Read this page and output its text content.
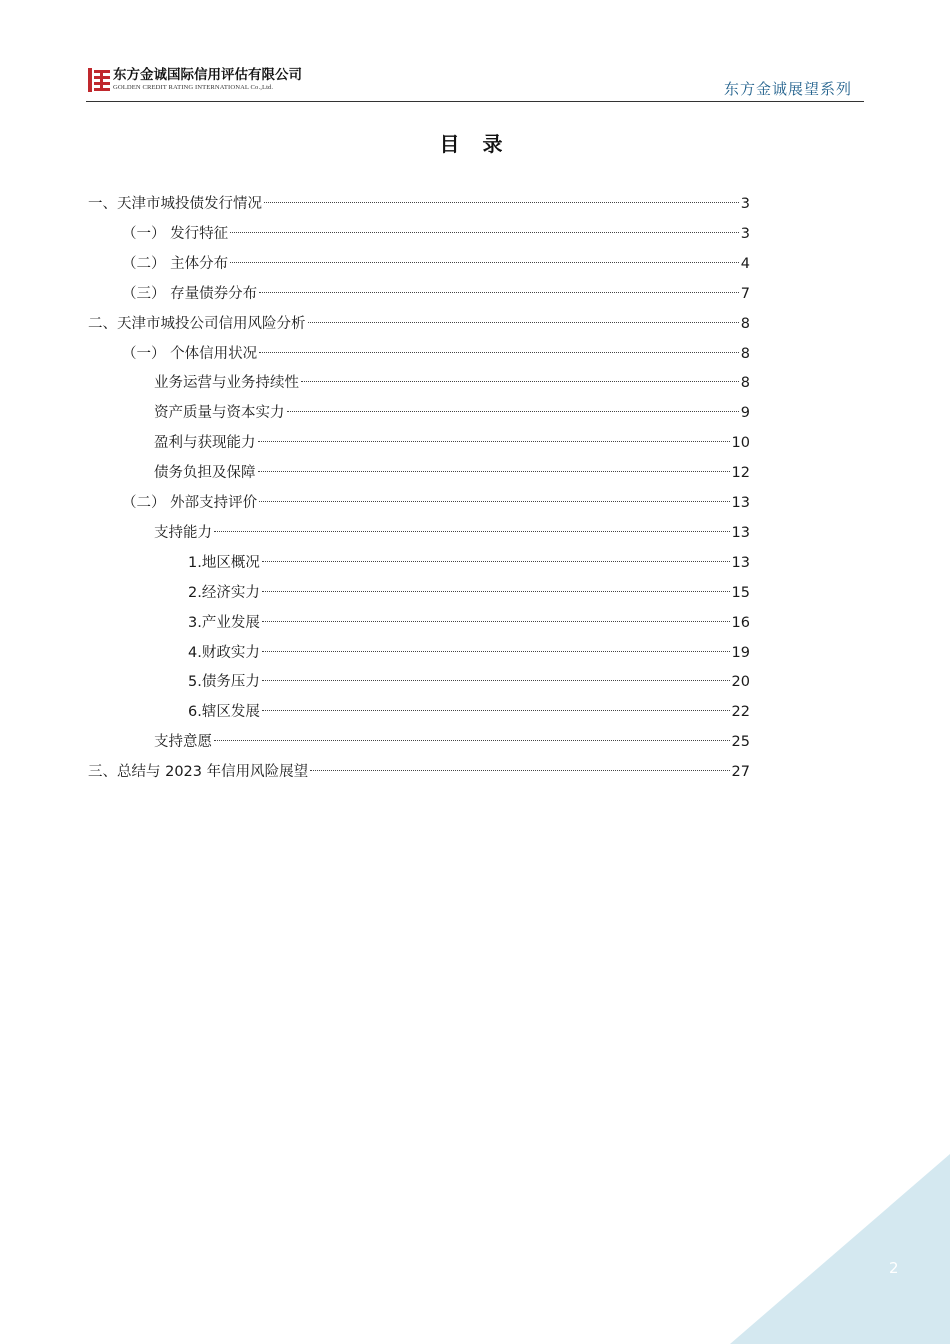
东方金诚国际信用评估有限公司
GOLDEN CREDIT RATING INTERNATIONAL Co.,Ltd.	东方金诚展望系列
目 录
一、天津市城投债发行情况	3
（一） 发行特征	3
（二） 主体分布	4
（三） 存量债券分布	7
二、天津市城投公司信用风险分析	8
（一） 个体信用状况	8
业务运营与业务持续性	8
资产质量与资本实力	9
盈利与获现能力	10
债务负担及保障	12
（二） 外部支持评价	13
支持能力	13
1.地区概况	13
2.经济实力	15
3.产业发展	16
4.财政实力	19
5.债务压力	20
6.辖区发展	22
支持意愿	25
三、总结与 2023 年信用风险展望	27
2
